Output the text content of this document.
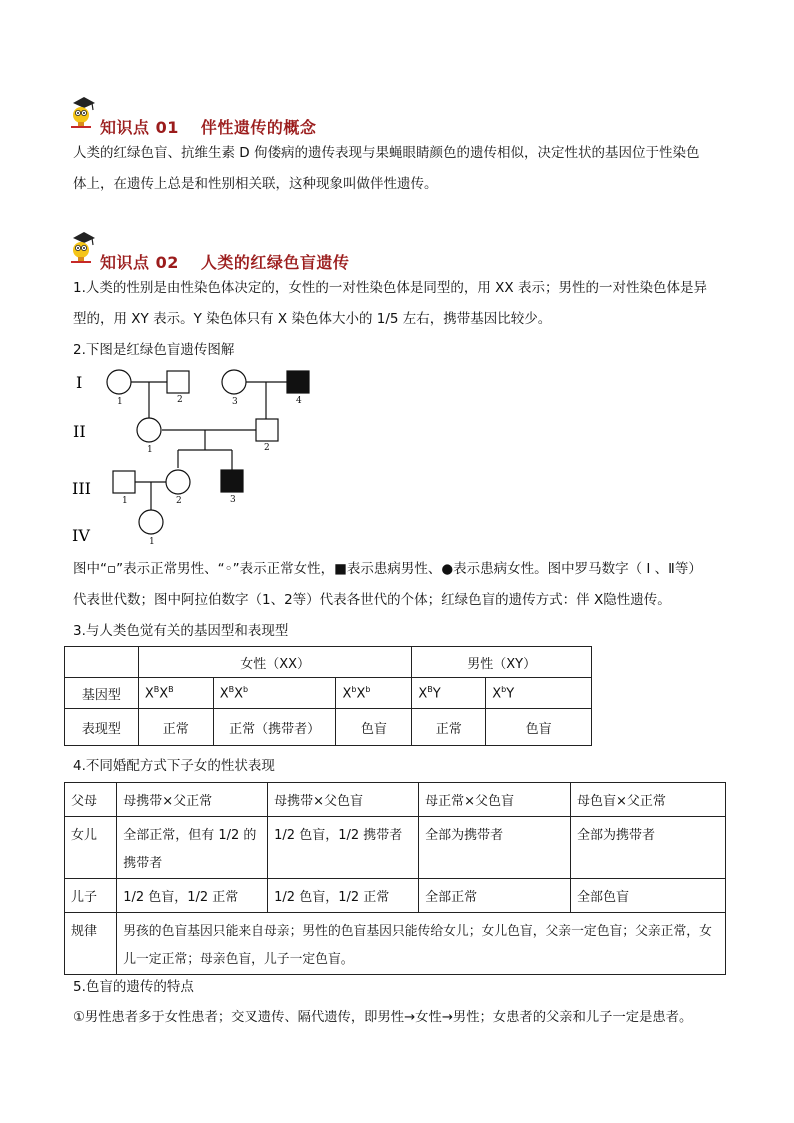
知识点 01 伴性遗传的概念
人类的红绿色盲、抗维生素 D 佝偻病的遗传表现与果蝇眼睛颜色的遗传相似，决定性状的基因位于性染色
体上，在遗传上总是和性别相关联，这种现象叫做伴性遗传。
知识点 02 人类的红绿色盲遗传
1.人类的性别是由性染色体决定的，女性的一对性染色体是同型的，用 XX 表示；男性的一对性染色体是异
型的，用 XY 表示。Y 染色体只有 X 染色体大小的 1/5 左右，携带基因比较少。
2.下图是红绿色盲遗传图解
I
II
III
IV
1	2	3	4
1	2
1	2	3
1
图中“▫”表示正常男性、“◦”表示正常女性，■表示患病男性、●表示患病女性。图中罗马数字（ Ⅰ 、Ⅱ等）
代表世代数；图中阿拉伯数字（1、2等）代表各世代的个体；红绿色盲的遗传方式：伴 X隐性遗传。
3.与人类色觉有关的基因型和表现型
	女性（XX）			男性（XY）	
基因型	$X^BX^B$	$X^BX^b$	$X^bX^b$	$X^BY$	$X^bY$
表现型	正常	正常（携带者）	色盲	正常	色盲
4.不同婚配方式下子女的性状表现
父母	母携带×父正常	母携带×父色盲	母正常×父色盲	母色盲×父正常
女儿	全部正常，但有 1/2 的携带者	1/2 色盲，1/2 携带者	全部为携带者	全部为携带者
儿子	1/2 色盲，1/2 正常	1/2 色盲，1/2 正常	全部正常	全部色盲
规律	男孩的色盲基因只能来自母亲；男性的色盲基因只能传给女儿；女儿色盲，父亲一定色盲；父亲正常，女
儿一定正常；母亲色盲，儿子一定色盲。			
5.色盲的遗传的特点
①男性患者多于女性患者；交叉遗传、隔代遗传，即男性→女性→男性；女患者的父亲和儿子一定是患者。
